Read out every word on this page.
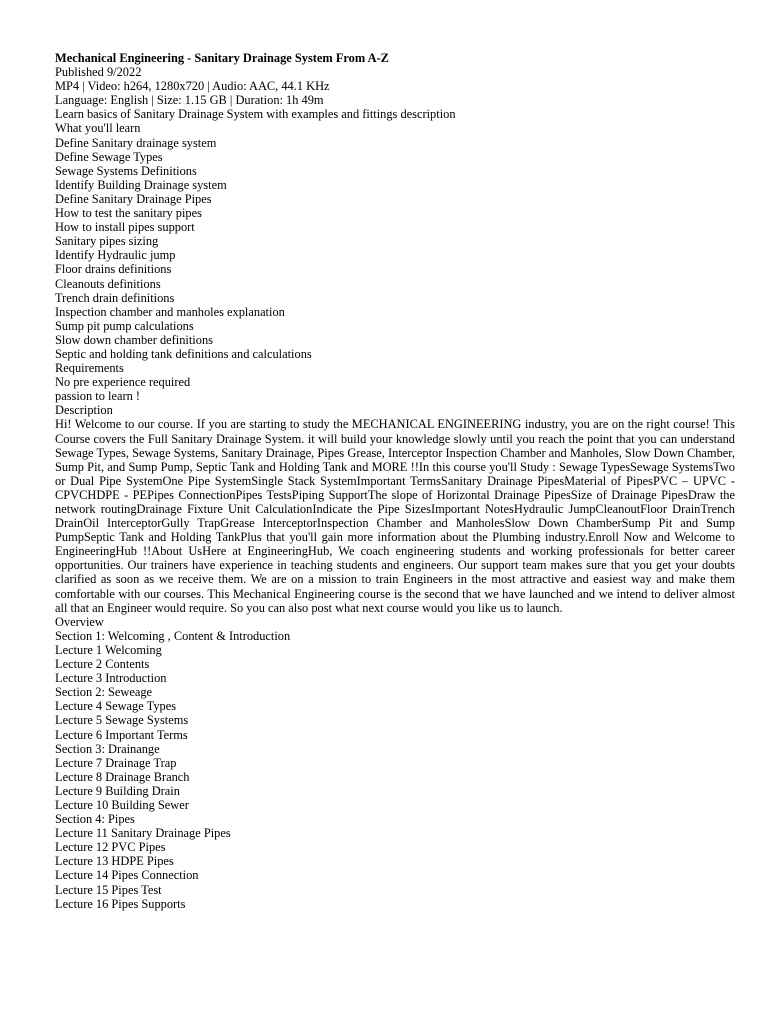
Mechanical Engineering - Sanitary Drainage System From A-Z
Published 9/2022
MP4 | Video: h264, 1280x720 | Audio: AAC, 44.1 KHz
Language: English | Size: 1.15 GB | Duration: 1h 49m
Learn basics of Sanitary Drainage System with examples and fittings description
What you'll learn
Define Sanitary drainage system
Define Sewage Types
Sewage Systems Definitions
Identify Building Drainage system
Define Sanitary Drainage Pipes
How to test the sanitary pipes
How to install pipes support
Sanitary pipes sizing
Identify Hydraulic jump
Floor drains definitions
Cleanouts definitions
Trench drain definitions
Inspection chamber and manholes explanation
Sump pit pump calculations
Slow down chamber definitions
Septic and holding tank definitions and calculations
Requirements
No pre experience required
passion to learn !
Description
Hi! Welcome to our course. If you are starting to study the MECHANICAL ENGINEERING industry, you are on the right course! This Course covers the Full Sanitary Drainage System. it will build your knowledge slowly until you reach the point that you can understand Sewage Types, Sewage Systems, Sanitary Drainage, Pipes Grease, Interceptor Inspection Chamber and Manholes, Slow Down Chamber, Sump Pit, and Sump Pump, Septic Tank and Holding Tank and MORE !!In this course you'll Study : Sewage TypesSewage SystemsTwo or Dual Pipe SystemOne Pipe SystemSingle Stack SystemImportant TermsSanitary Drainage PipesMaterial of PipesPVC – UPVC - CPVCHDPE - PEPipes ConnectionPipes TestsPiping SupportThe slope of Horizontal Drainage PipesSize of Drainage PipesDraw the network routingDrainage Fixture Unit CalculationIndicate the Pipe SizesImportant NotesHydraulic JumpCleanoutFloor DrainTrench DrainOil InterceptorGully TrapGrease InterceptorInspection Chamber and ManholesSlow Down ChamberSump Pit and Sump PumpSeptic Tank and Holding TankPlus that you'll gain more information about the Plumbing industry.Enroll Now and Welcome to EngineeringHub !!About UsHere at EngineeringHub, We coach engineering students and working professionals for better career opportunities. Our trainers have experience in teaching students and engineers. Our support team makes sure that you get your doubts clarified as soon as we receive them. We are on a mission to train Engineers in the most attractive and easiest way and make them comfortable with our courses. This Mechanical Engineering course is the second that we have launched and we intend to deliver almost all that an Engineer would require. So you can also post what next course would you like us to launch.
Overview
Section 1: Welcoming , Content & Introduction
Lecture 1 Welcoming
Lecture 2 Contents
Lecture 3 Introduction
Section 2: Seweage
Lecture 4 Sewage Types
Lecture 5 Sewage Systems
Lecture 6 Important Terms
Section 3: Drainange
Lecture 7 Drainage Trap
Lecture 8 Drainage Branch
Lecture 9 Building Drain
Lecture 10 Building Sewer
Section 4: Pipes
Lecture 11 Sanitary Drainage Pipes
Lecture 12 PVC Pipes
Lecture 13 HDPE Pipes
Lecture 14 Pipes Connection
Lecture 15 Pipes Test
Lecture 16 Pipes Supports
